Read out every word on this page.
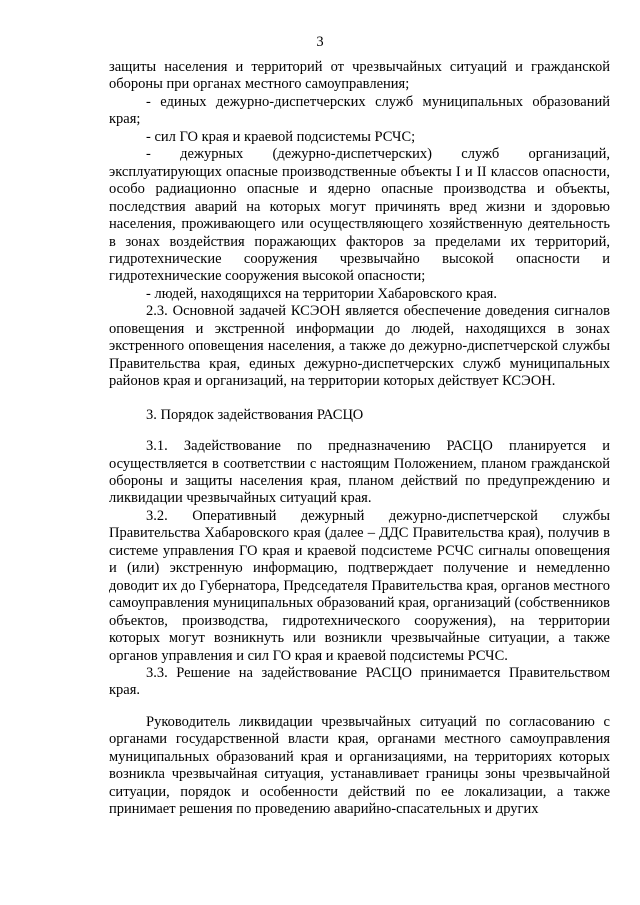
3

защиты населения и территорий от чрезвычайных ситуаций и гражданской обороны при органах местного самоуправления;

- единых дежурно-диспетчерских служб муниципальных образований края;

- сил ГО края и краевой подсистемы РСЧС;

- дежурных (дежурно-диспетчерских) служб организаций, эксплуатирующих опасные производственные объекты I и II классов опасности, особо радиационно опасные и ядерно опасные производства и объекты, последствия аварий на которых могут причинять вред жизни и здоровью населения, проживающего или осуществляющего хозяйственную деятельность в зонах воздействия поражающих факторов за пределами их территорий, гидротехнические сооружения чрезвычайно высокой опасности и гидротехнические сооружения высокой опасности;

- людей, находящихся на территории Хабаровского края.

2.3. Основной задачей КСЭОН является обеспечение доведения сигналов оповещения и экстренной информации до людей, находящихся в зонах экстренного оповещения населения, а также до дежурно-диспетчерской службы Правительства края, единых дежурно-диспетчерских служб муниципальных районов края и организаций, на территории которых действует КСЭОН.

3. Порядок задействования РАСЦО

3.1. Задействование по предназначению РАСЦО планируется и осуществляется в соответствии с настоящим Положением, планом гражданской обороны и защиты населения края, планом действий по предупреждению и ликвидации чрезвычайных ситуаций края.

3.2. Оперативный дежурный дежурно-диспетчерской службы Правительства Хабаровского края (далее – ДДС Правительства края), получив в системе управления ГО края и краевой подсистеме РСЧС сигналы оповещения и (или) экстренную информацию, подтверждает получение и немедленно доводит их до Губернатора, Председателя Правительства края, органов местного самоуправления муниципальных образований края, организаций (собственников объектов, производства, гидротехнического сооружения), на территории которых могут возникнуть или возникли чрезвычайные ситуации, а также органов управления и сил ГО края и краевой подсистемы РСЧС.

3.3. Решение на задействование РАСЦО принимается Правительством края.

Руководитель ликвидации чрезвычайных ситуаций по согласованию с органами государственной власти края, органами местного самоуправления муниципальных образований края и организациями, на территориях которых возникла чрезвычайная ситуация, устанавливает границы зоны чрезвычайной ситуации, порядок и особенности действий по ее локализации, а также принимает решения по проведению аварийно-спасательных и других
